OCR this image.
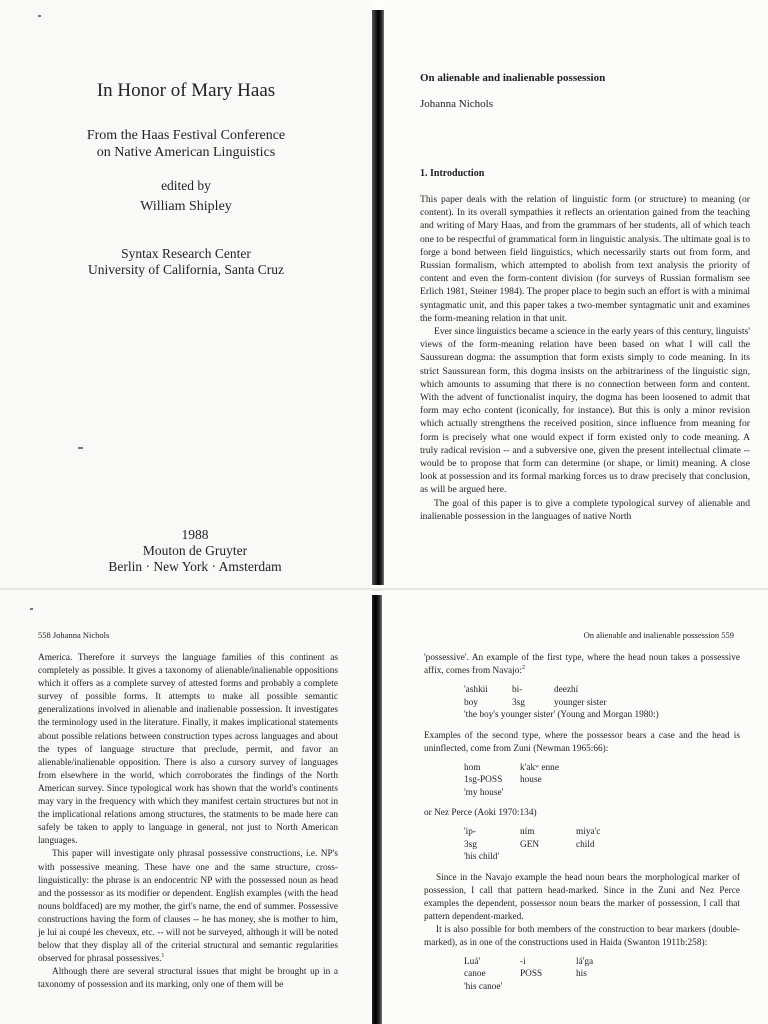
In Honor of Mary Haas
From the Haas Festival Conference
on Native American Linguistics
edited by
William Shipley
Syntax Research Center
University of California, Santa Cruz
1988
Mouton de Gruyter
Berlin · New York · Amsterdam
On alienable and inalienable possession
Johanna Nichols
1. Introduction

This paper deals with the relation of linguistic form (or structure) to meaning (or content). In its overall sympathies it reflects an orientation gained from the teaching and writing of Mary Haas, and from the grammars of her students, all of which teach one to be respectful of grammatical form in linguistic analysis. The ultimate goal is to forge a bond between field linguistics, which necessarily starts out from form, and Russian formalism, which attempted to abolish from text analysis the priority of content and even the form-content division (for surveys of Russian formalism see Erlich 1981, Steiner 1984). The proper place to begin such an effort is with a minimal syntagmatic unit, and this paper takes a two-member syntagmatic unit and examines the form-meaning relation in that unit.

Ever since linguistics became a science in the early years of this century, linguists' views of the form-meaning relation have been based on what I will call the Saussurean dogma: the assumption that form exists simply to code meaning. In its strict Saussurean form, this dogma insists on the arbitrariness of the linguistic sign, which amounts to assuming that there is no connection between form and content. With the advent of functionalist inquiry, the dogma has been loosened to admit that form may echo content (iconically, for instance). But this is only a minor revision which actually strengthens the received position, since influence from meaning for form is precisely what one would expect if form existed only to code meaning. A truly radical revision -- and a subversive one, given the present intellectual climate -- would be to propose that form can determine (or shape, or limit) meaning. A close look at possession and its formal marking forces us to draw precisely that conclusion, as will be argued here.

The goal of this paper is to give a complete typological survey of alienable and inalienable possession in the languages of native North

558 Johanna Nichols

America. Therefore it surveys the language families of this continent as completely as possible. It gives a taxonomy of alienable/inalienable oppositions which it offers as a complete survey of attested forms and probably a complete survey of possible forms. It attempts to make all possible semantic generalizations involved in alienable and inalienable possession. It investigates the terminology used in the literature. Finally, it makes implicational statements about possible relations between construction types across languages and about the types of language structure that preclude, permit, and favor an alienable/inalienable opposition. There is also a cursory survey of languages from elsewhere in the world, which corroborates the findings of the North American survey. Since typological work has shown that the world's continents may vary in the frequency with which they manifest certain structures but not in the implicational relations among structures, the statments to be made here can safely be taken to apply to language in general, not just to North American languages.

This paper will investigate only phrasal possessive constructions, i.e. NP's with possessive meaning. These have one and the same structure, cross-linguistically: the phrase is an endocentric NP with the possessed noun as head and the possessor as its modifier or dependent. English examples (with the head nouns boldfaced) are my mother, the girl's name, the end of summer. Possessive constructions having the form of clauses -- he has money, she is mother to him, je lui ai coupé les cheveux, etc. -- will not be surveyed, although it will be noted below that they display all of the criterial structural and semantic regularities observed for phrasal possessives.$^1$

Although there are several structural issues that might be brought up in a taxonomy of possession and its marking, only one of them will be

On alienable and inalienable possession 559

'possessive'. An example of the first type, where the head noun takes a possessive affix, comes from Navajo:$^2$

'ashkii	bi-	deezhí
boy	3sg	younger sister
'the boy's younger sister' (Young and Morgan 1980:)

Examples of the second type, where the possessor bears a case and the head is uninflected, come from Zuni (Newman 1965:66):

hom	k'akʷ enne
1sg-POSS	house
'my house'

or Nez Perce (Aoki 1970:134)

'ip-	ním	miya'c
3sg	GEN	child
'his child'

Since in the Navajo example the head noun bears the morphological marker of possession, I call that pattern head-marked. Since in the Zuni and Nez Perce examples the dependent, possessor noun bears the marker of possession, I call that pattern dependent-marked.

It is also possible for both members of the construction to bear markers (double-marked), as in one of the constructions used in Haida (Swanton 1911b:258):

Luá'	-i	lá'ga
canoe	POSS	his
'his canoe'
